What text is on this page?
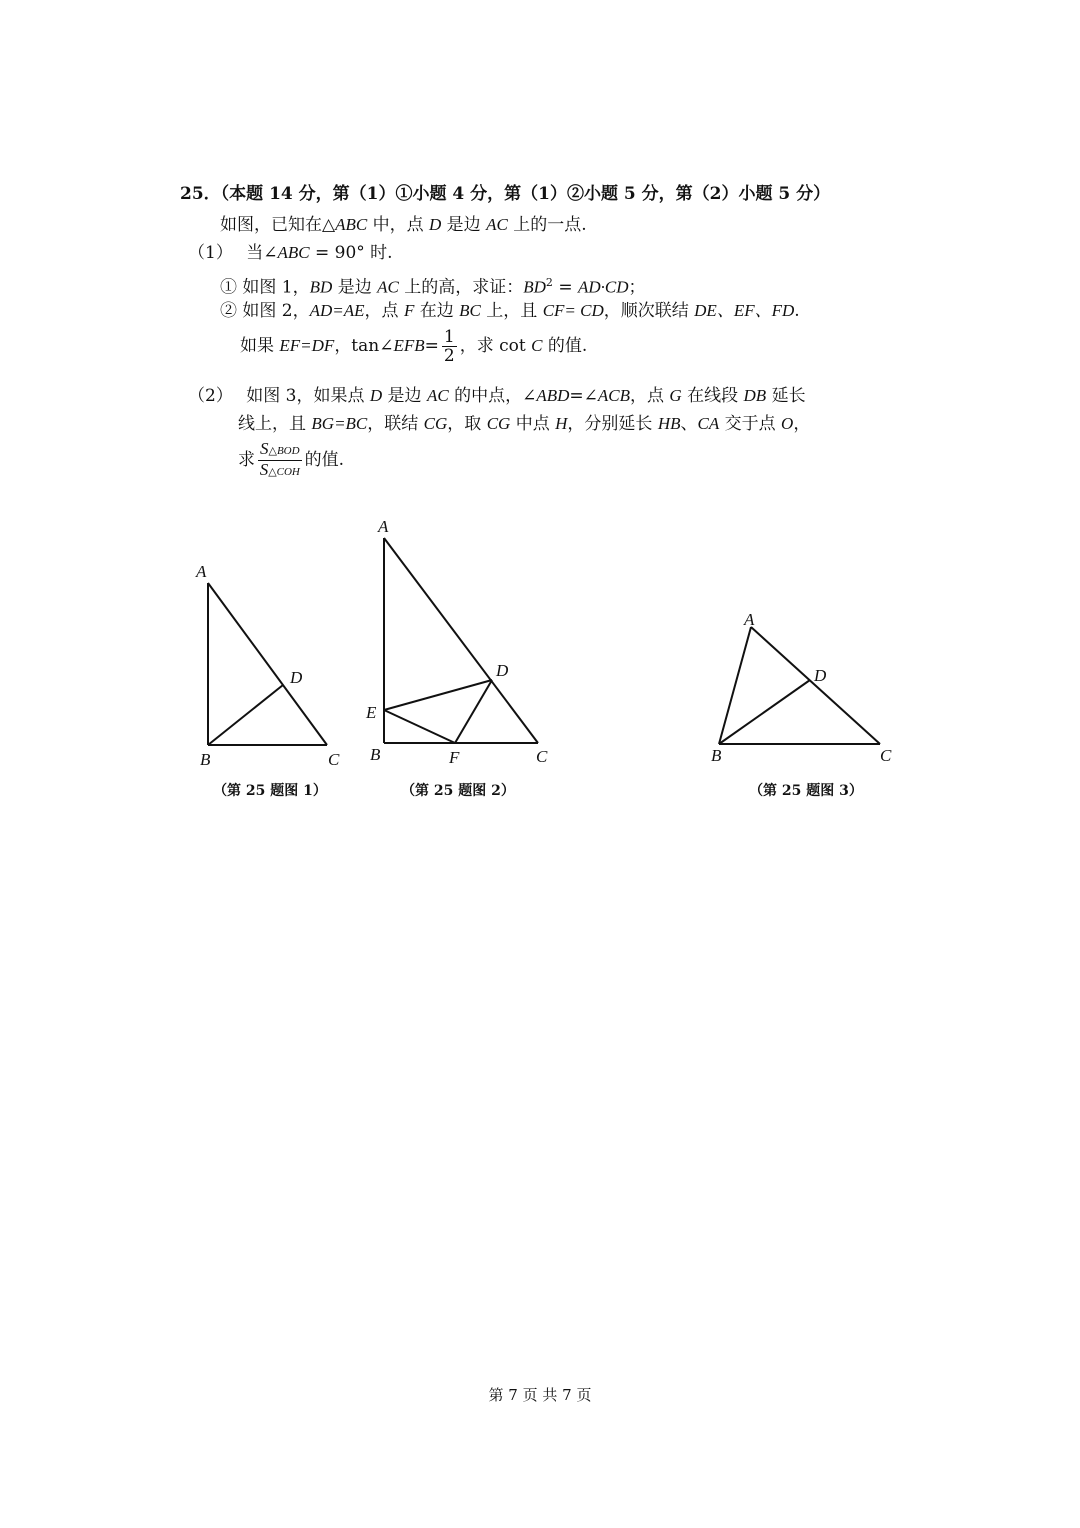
25．（本题 14 分，第（1）①小题 4 分，第（1）②小题 5 分，第（2）小题 5 分）
如图，已知在△ABC 中，点 D 是边 AC 上的一点.
（1） 当∠ABC = 90° 时.
① 如图 1，BD 是边 AC 上的高，求证：$BD^2 = AD\cdot CD$；
② 如图 2，AD=AE，点 F 在边 BC 上，且 CF= CD，顺次联结 DE、EF、FD.
如果 EF=DF，tan∠EFB= $\frac{1}{2}$ ，求 cot C 的值.
（2） 如图 3，如果点 D 是边 AC 的中点，∠ABD=∠ACB，点 G 在线段 DB 延长
线上，且 BG=BC，联结 CG，取 CG 中点 H，分别延长 HB、CA 交于点 O，
求 $\frac{\text{S△BOD}}{\text{S△COH}}$ 的值.
A
B	C
D
（第 25 题图 1）
A
B	C
D
E
F
（第 25 题图 2）
A
B	C
D
（第 25 题图 3）
第 7 页 共 7 页
